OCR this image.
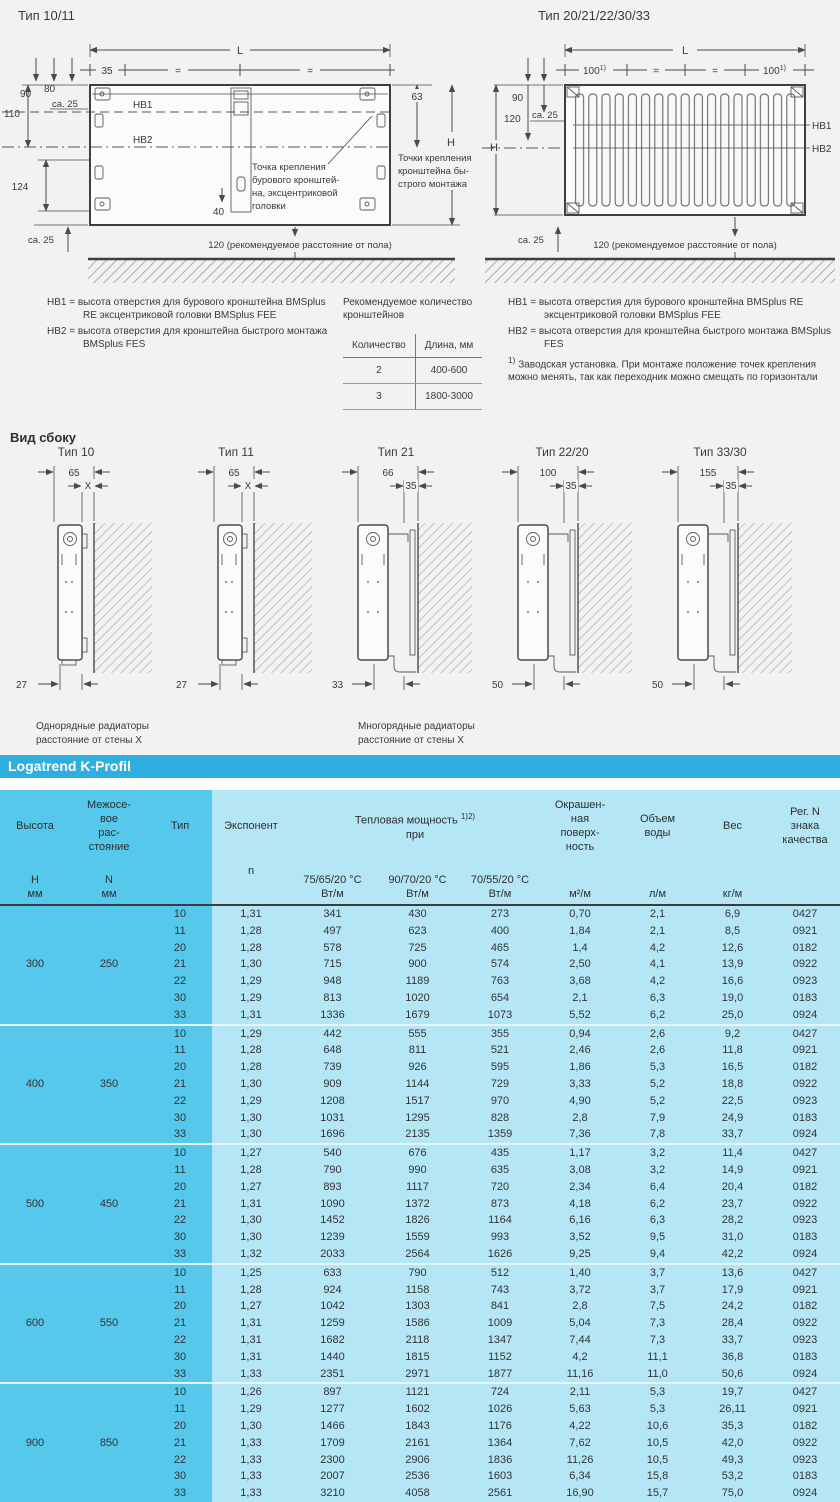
Тип 10/11
L
35	=	=
90 80
110
ca. 25
124
ca. 25
HB1
HB2
63
H
Точка крепления
бурового кронштей-
на, эксцентриковой
головки
Точки крепления
кронштейна бы-
строго монтажа
40
120 (рекомендуемое расстояние от пола)
Тип 20/21/22/30/33
L
$100^{1)}$	=	=	$100^{1)}$
90
120 ca. 25
H
ca. 25
HB1
HB2
120 (рекомендуемое расстояние от пола)

HB1 = высота отверстия для бурового кронштейна BMSplus RE эксцентриковой головки BMSplus FEE

HB2 = высота отверстия для кронштейна быстрого монтажа BMSplus FES

Рекомендуемое количество кронштейнов
Количество	Длина, мм
2	400-600
3	1800-3000

HB1 = высота отверстия для бурового кронштейна BMSplus RE эксцентриковой головки BMSplus FEE

HB2 = высота отверстия для кронштейна быстрого монтажа BMSplus FES

$^{1)}$ Заводская установка. При монтаже положение точек крепления можно менять, так как переходник можно смещать по горизонтали

Вид сбоку
Тип 10
65
X
27
Тип 11
65
X
27
Тип 21
66
35
33
Тип 22/20
100
35
50
Тип 33/30
155
35
50
Однорядные радиаторы
расстояние от стены X
Многорядные радиаторы
расстояние от стены X
Logatrend K-Profil
Высота	
Межосе-
вое
рас-
стояние
	Тип	Экспонент	Тепловая мощность $^{1)2)}$
при

Окрашен-
ная
поверх-
ность

Объем
воды
	Вес	
Рег. N
знака
качества

H
мм

N
мм
		n	
75/65/20 °C
Вт/м

90/70/20 °C
Вт/м

70/55/20 °C
Вт/м	м²/м	л/м	кг/м	
		10	1,31	341	430	273	0,70	2,1	6,9	0427
		11	1,28	497	623	400	1,84	2,1	8,5	0921
		20	1,28	578	725	465	1,4	4,2	12,6	0182
300	250	21	1,30	715	900	574	2,50	4,1	13,9	0922
		22	1,29	948	1189	763	3,68	4,2	16,6	0923
		30	1,29	813	1020	654	2,1	6,3	19,0	0183
		33	1,31	1336	1679	1073	5,52	6,2	25,0	0924
		10	1,29	442	555	355	0,94	2,6	9,2	0427
		11	1,28	648	811	521	2,46	2,6	11,8	0921
		20	1,28	739	926	595	1,86	5,3	16,5	0182
400	350	21	1,30	909	1144	729	3,33	5,2	18,8	0922
		22	1,29	1208	1517	970	4,90	5,2	22,5	0923
		30	1,30	1031	1295	828	2,8	7,9	24,9	0183
		33	1,30	1696	2135	1359	7,36	7,8	33,7	0924
		10	1,27	540	676	435	1,17	3,2	11,4	0427
		11	1,28	790	990	635	3,08	3,2	14,9	0921
		20	1,27	893	1117	720	2,34	6,4	20,4	0182
500	450	21	1,31	1090	1372	873	4,18	6,2	23,7	0922
		22	1,30	1452	1826	1164	6,16	6,3	28,2	0923
		30	1,30	1239	1559	993	3,52	9,5	31,0	0183
		33	1,32	2033	2564	1626	9,25	9,4	42,2	0924
		10	1,25	633	790	512	1,40	3,7	13,6	0427
		11	1,28	924	1158	743	3,72	3,7	17,9	0921
		20	1,27	1042	1303	841	2,8	7,5	24,2	0182
600	550	21	1,31	1259	1586	1009	5,04	7,3	28,4	0922
		22	1,31	1682	2118	1347	7,44	7,3	33,7	0923
		30	1,31	1440	1815	1152	4,2	11,1	36,8	0183
		33	1,33	2351	2971	1877	11,16	11,0	50,6	0924
		10	1,26	897	1121	724	2,11	5,3	19,7	0427
		11	1,29	1277	1602	1026	5,63	5,3	26,11	0921
		20	1,30	1466	1843	1176	4,22	10,6	35,3	0182
900	850	21	1,33	1709	2161	1364	7,62	10,5	42,0	0922
		22	1,33	2300	2906	1836	11,26	10,5	49,3	0923
		30	1,33	2007	2536	1603	6,34	15,8	53,2	0183
		33	1,33	3210	4058	2561	16,90	15,7	75,0	0924
